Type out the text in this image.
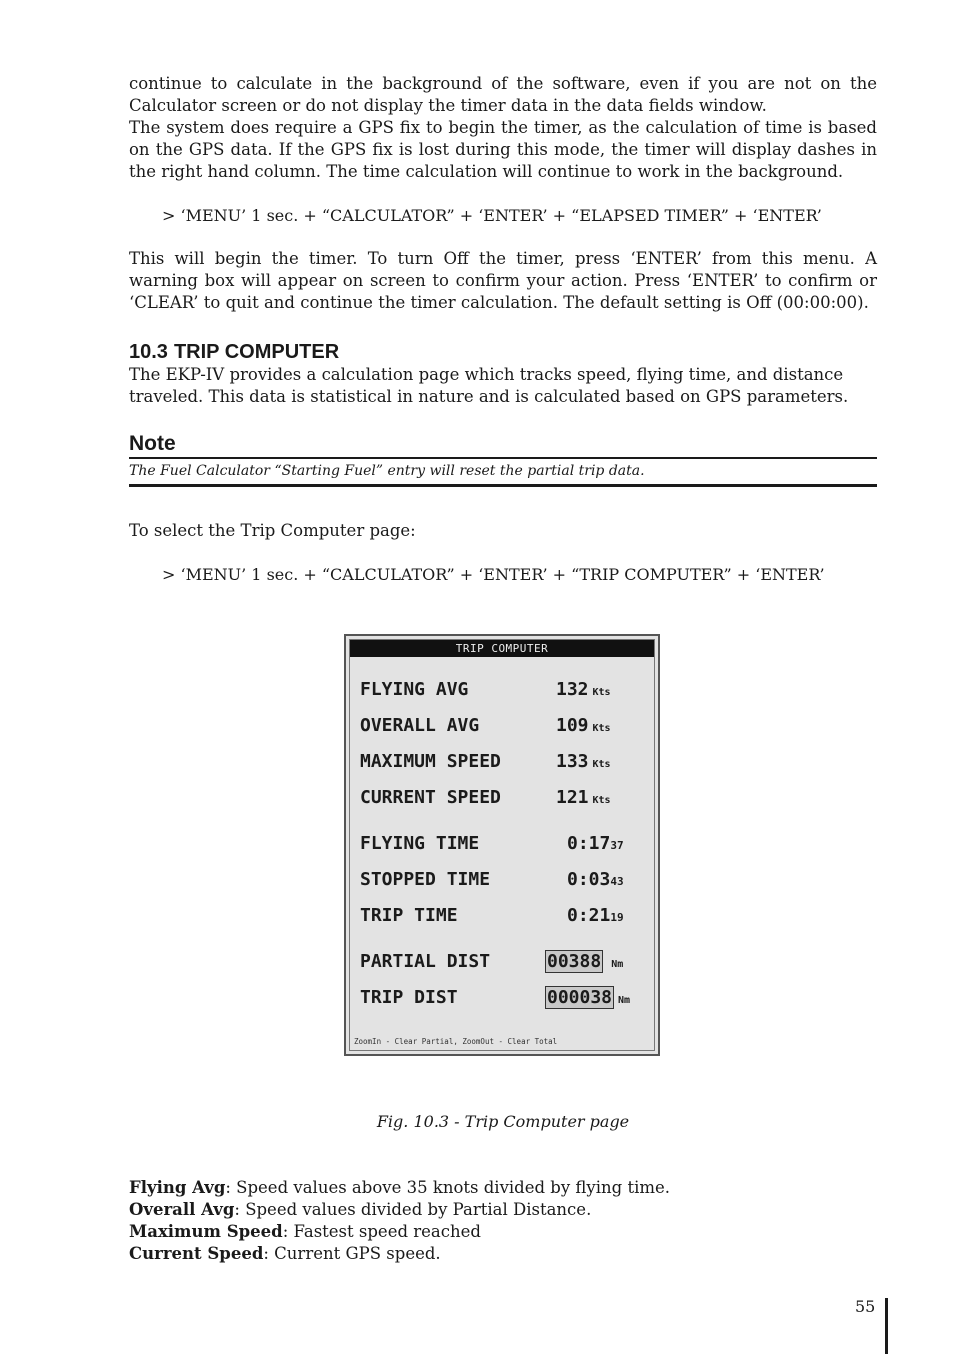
continue to calculate in the background of the software, even if you are not on the Calculator screen or do not display the timer data in the data fields window.

The system does require a GPS fix to begin the timer, as the calculation of time is based on the GPS data. If the GPS fix is lost during this mode, the timer will display dashes in the right hand column. The time calculation will continue to work in the background.

> ‘MENU’ 1 sec. + “CALCULATOR” + ‘ENTER’ + “ELAPSED TIMER” + ‘ENTER’

This will begin the timer. To turn Off the timer, press ‘ENTER’ from this menu. A warning box will appear on screen to confirm your action. Press ‘ENTER’ to confirm or ‘CLEAR’ to quit and continue the timer calculation. The default setting is Off (00:00:00).

10.3 TRIP COMPUTER

The EKP-IV provides a calculation page which tracks speed, flying time, and distance traveled. This data is statistical in nature and is calculated based on GPS parameters.

Note

The Fuel Calculator “Starting Fuel” entry will reset the partial trip data.

To select the Trip Computer page:

> ‘MENU’ 1 sec. + “CALCULATOR” + ‘ENTER’ + “TRIP COMPUTER” + ‘ENTER’

TRIP COMPUTER
FLYING AVG	132 Kts
OVERALL AVG	109 Kts
MAXIMUM SPEED	133 Kts
CURRENT SPEED	121 Kts
FLYING TIME	0:1737
STOPPED TIME	0:0343
TRIP TIME	0:2119
PARTIAL DIST	00388 Nm
TRIP DIST	000038 Nm
ZoomIn - Clear Partial, ZoomOut - Clear Total

Fig. 10.3 - Trip Computer page

Flying Avg: Speed values above 35 knots divided by flying time.

Overall Avg: Speed values divided by Partial Distance.

Maximum Speed: Fastest speed reached

Current Speed: Current GPS speed.

55
